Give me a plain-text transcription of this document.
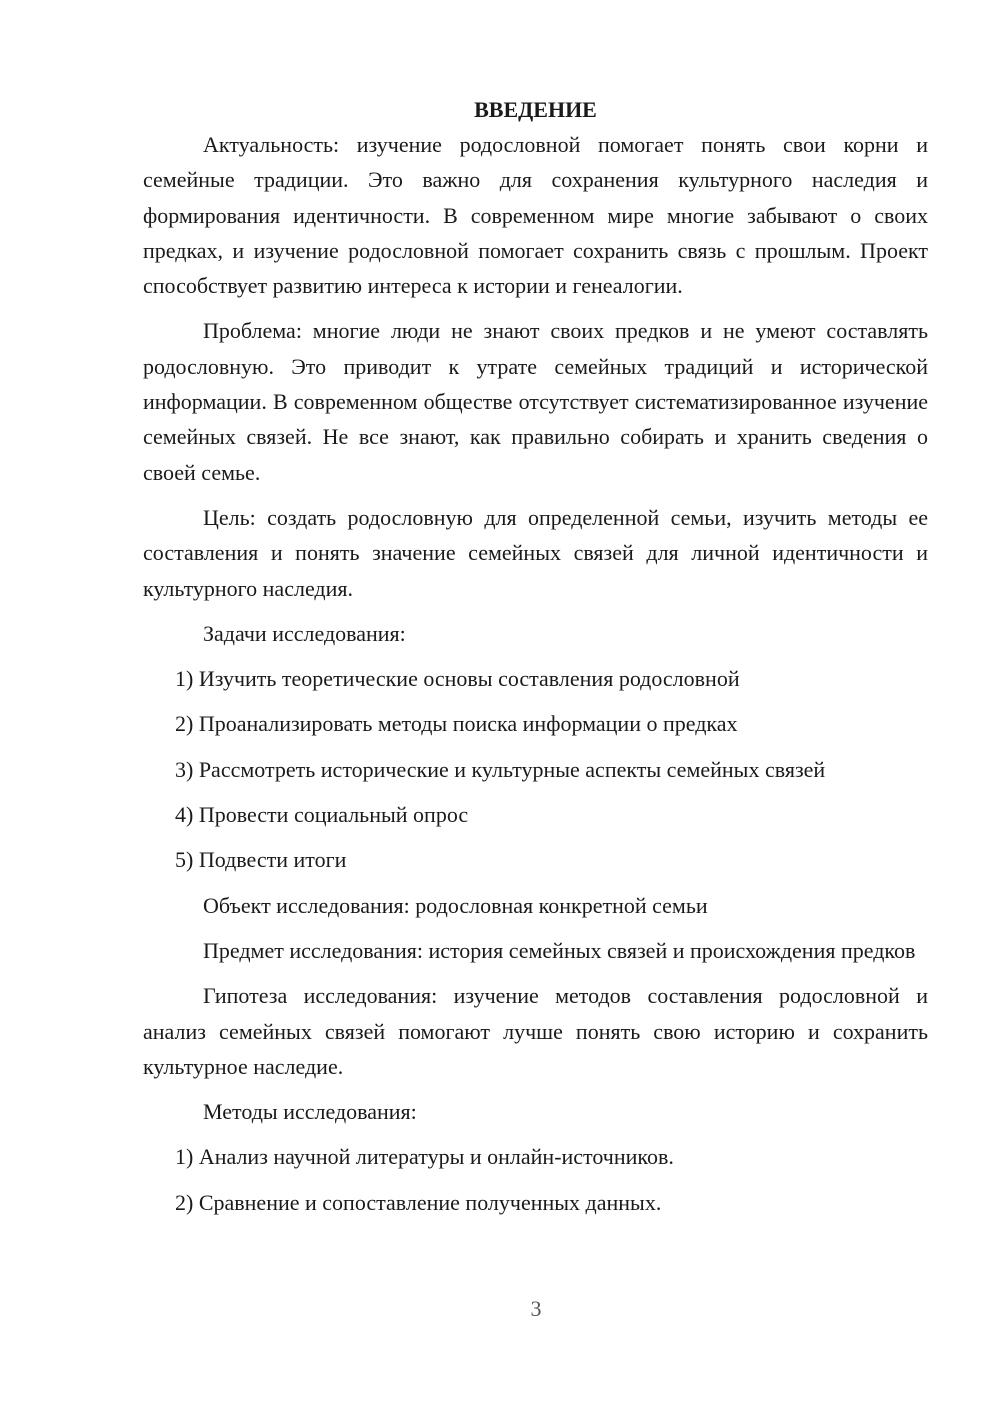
ВВЕДЕНИЕ

Актуальность: изучение родословной помогает понять свои корни и семейные традиции. Это важно для сохранения культурного наследия и формирования идентичности. В современном мире многие забывают о своих предках, и изучение родословной помогает сохранить связь с прошлым. Проект способствует развитию интереса к истории и генеалогии.

Проблема: многие люди не знают своих предков и не умеют составлять родословную. Это приводит к утрате семейных традиций и исторической информации. В современном обществе отсутствует систематизированное изучение семейных связей. Не все знают, как правильно собирать и хранить сведения о своей семье.

Цель: создать родословную для определенной семьи, изучить методы ее составления и понять значение семейных связей для личной идентичности и культурного наследия.

Задачи исследования:

1) Изучить теоретические основы составления родословной

2) Проанализировать методы поиска информации о предках

3) Рассмотреть исторические и культурные аспекты семейных связей

4) Провести социальный опрос

5) Подвести итоги

Объект исследования: родословная конкретной семьи

Предмет исследования: история семейных связей и происхождения предков

Гипотеза исследования: изучение методов составления родословной и анализ семейных связей помогают лучше понять свою историю и сохранить культурное наследие.

Методы исследования:

1) Анализ научной литературы и онлайн-источников.

2) Сравнение и сопоставление полученных данных.

3
